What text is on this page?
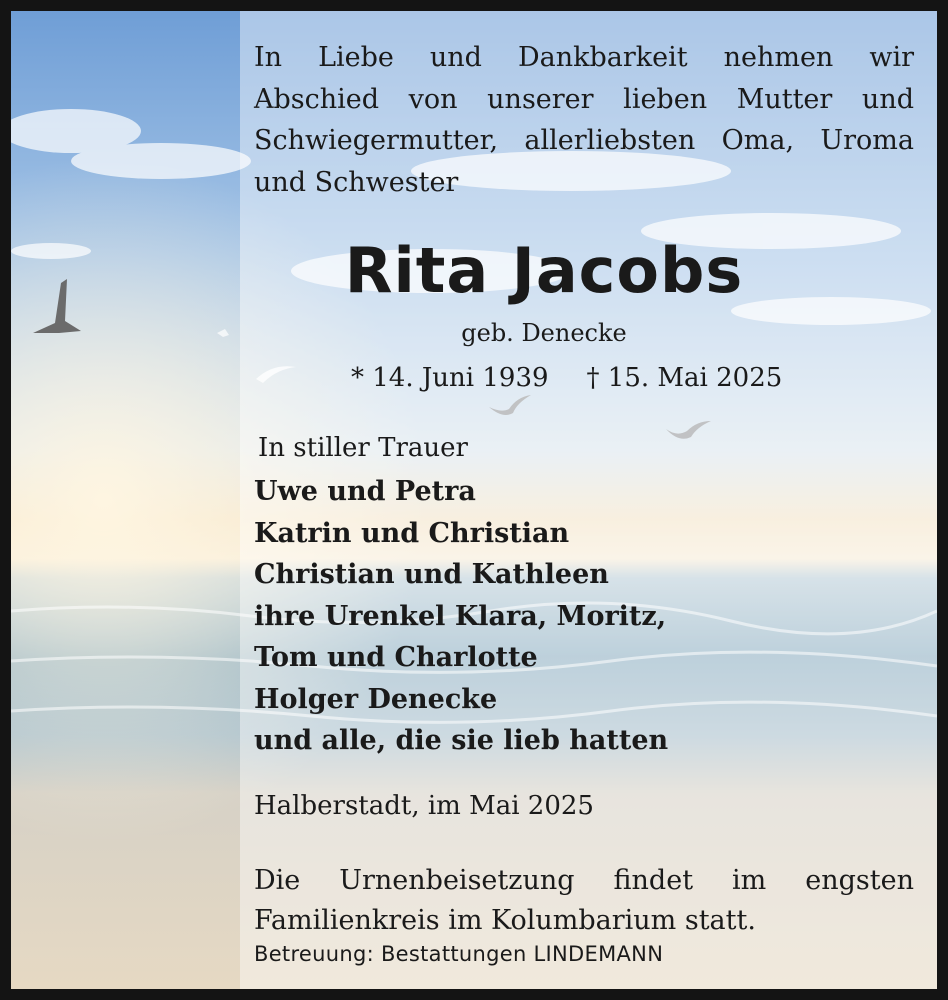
In Liebe und Dankbarkeit nehmen wir
Abschied von unserer lieben Mutter und
Schwiegermutter, allerliebsten Oma, Uroma
und Schwester
Rita Jacobs
geb. Denecke
* 14. Juni 1939 † 15. Mai 2025
In stiller Trauer
Uwe und Petra
Katrin und Christian
Christian und Kathleen
ihre Urenkel Klara, Moritz,
Tom und Charlotte
Holger Denecke
und alle, die sie lieb hatten
Halberstadt, im Mai 2025
Die Urnenbeisetzung findet im engsten
Familienkreis im Kolumbarium statt.
Betreuung: Bestattungen LINDEMANN
